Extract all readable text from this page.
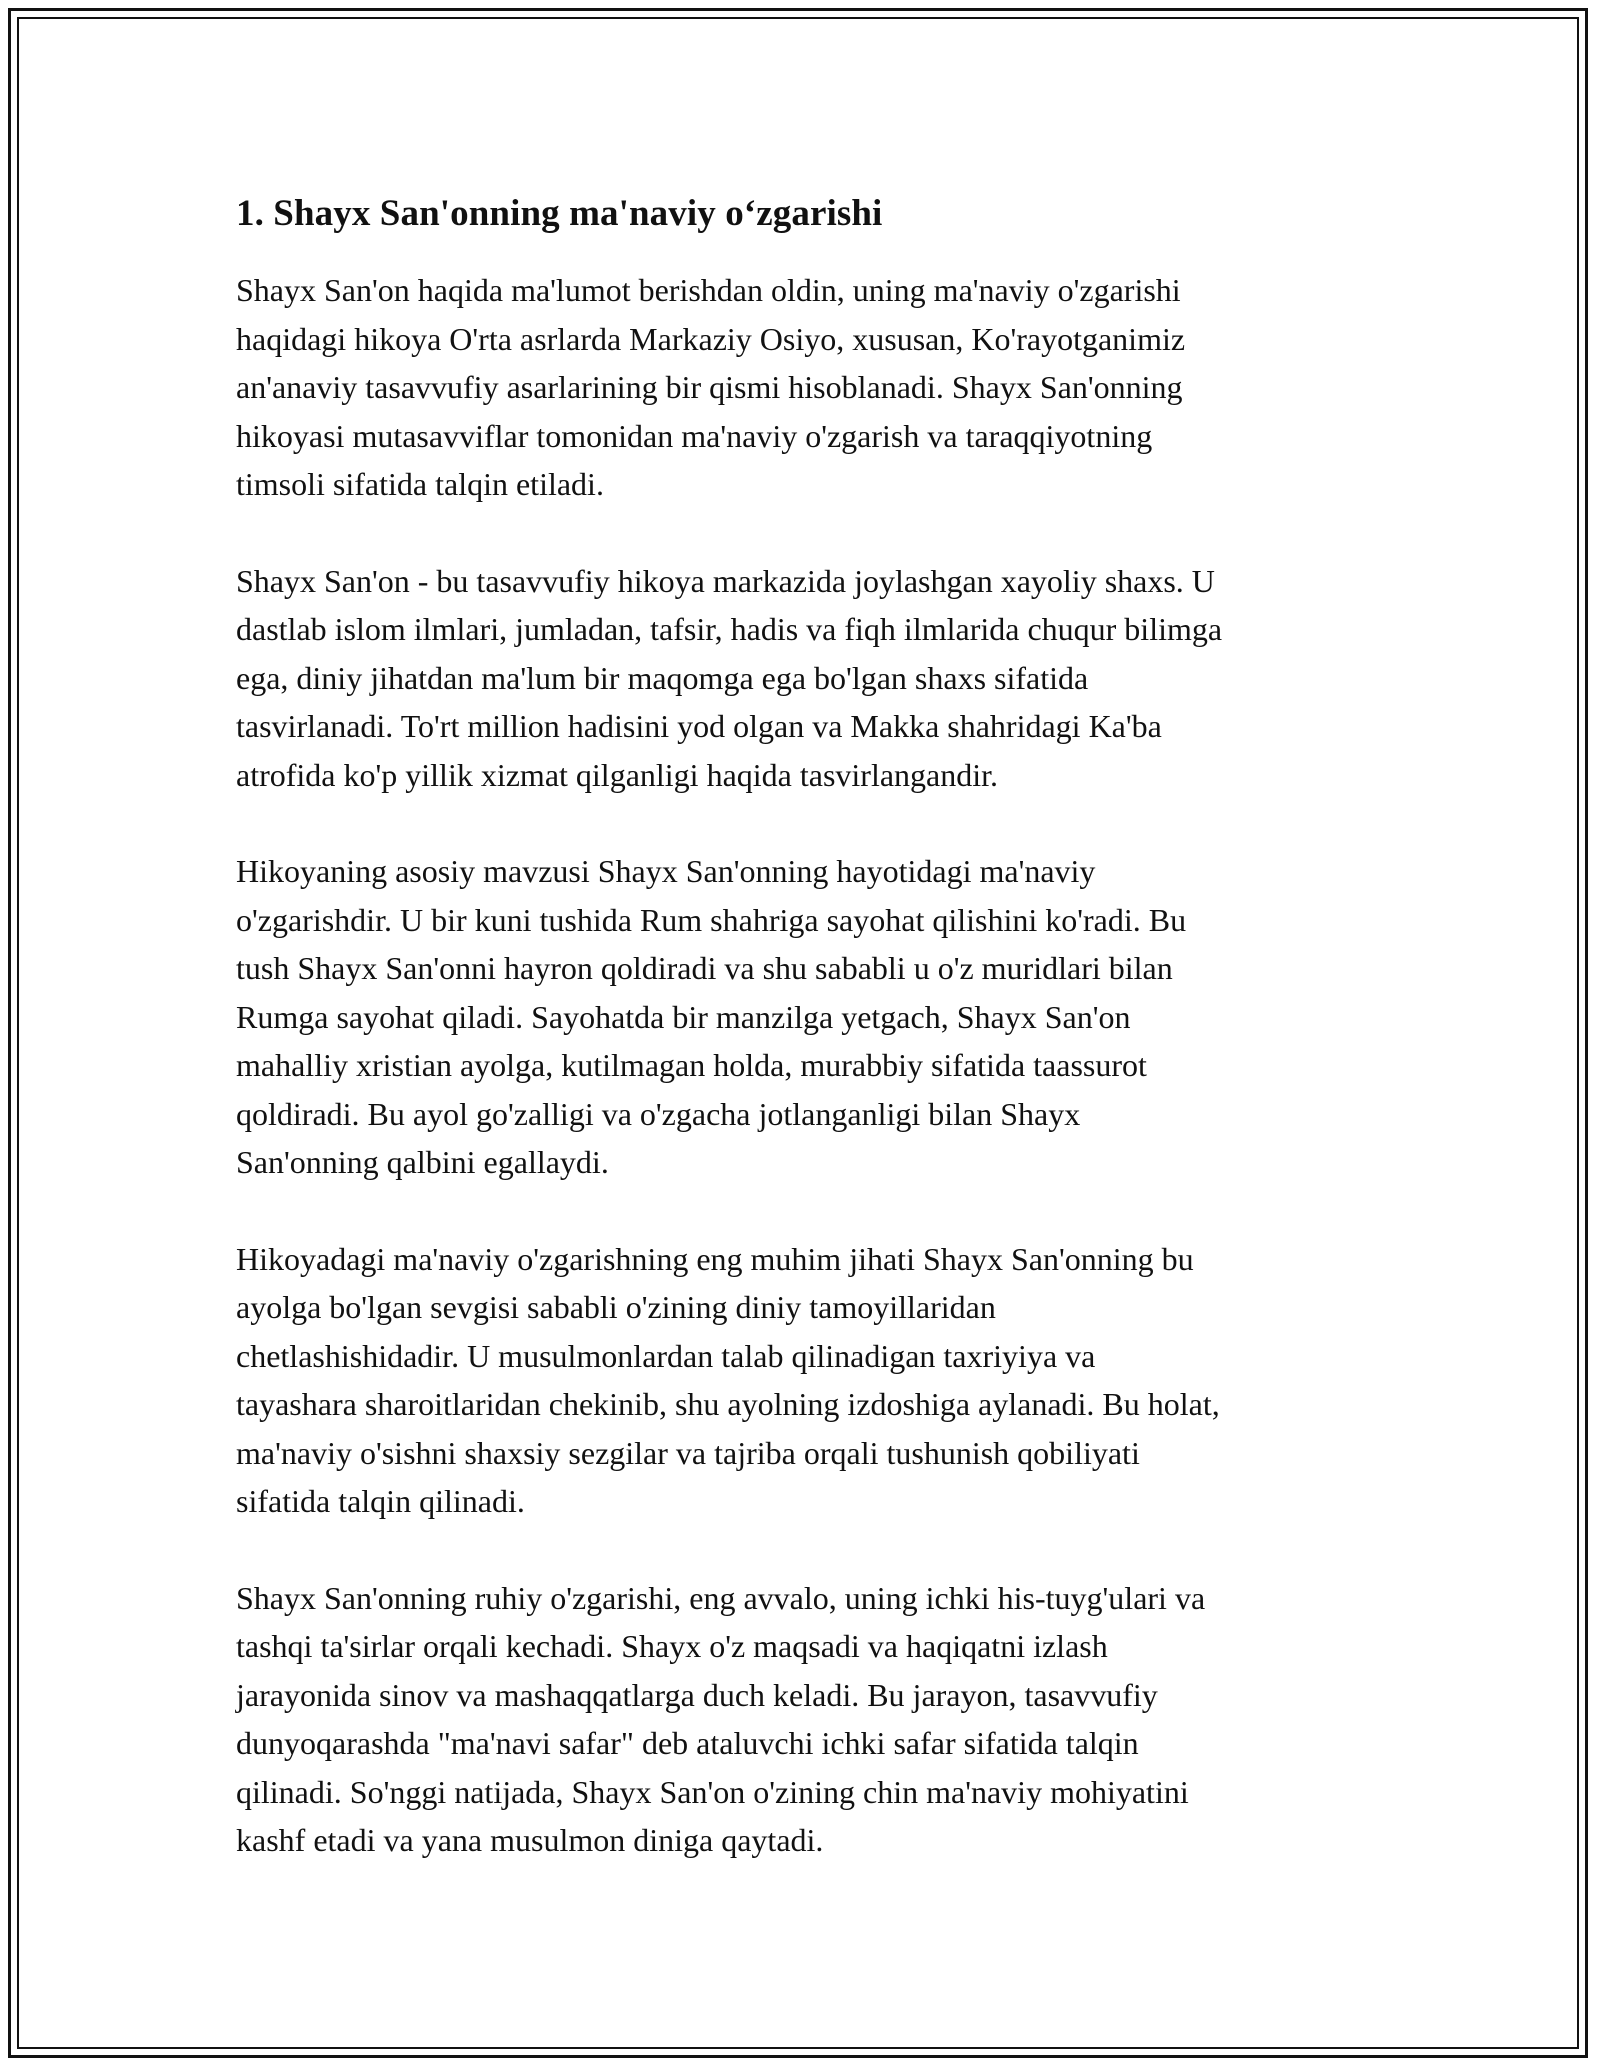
1. Shayx San'onning ma'naviy o‘zgarishi

Shayx San'on haqida ma'lumot berishdan oldin, uning ma'naviy o'zgarishi
haqidagi hikoya O'rta asrlarda Markaziy Osiyo, xususan, Ko'rayotganimiz
an'anaviy tasavvufiy asarlarining bir qismi hisoblanadi. Shayx San'onning
hikoyasi mutasavviflar tomonidan ma'naviy o'zgarish va taraqqiyotning
timsoli sifatida talqin etiladi.

Shayx San'on - bu tasavvufiy hikoya markazida joylashgan xayoliy shaxs. U
dastlab islom ilmlari, jumladan, tafsir, hadis va fiqh ilmlarida chuqur bilimga
ega, diniy jihatdan ma'lum bir maqomga ega bo'lgan shaxs sifatida
tasvirlanadi. To'rt million hadisini yod olgan va Makka shahridagi Ka'ba
atrofida ko'p yillik xizmat qilganligi haqida tasvirlangandir.

Hikoyaning asosiy mavzusi Shayx San'onning hayotidagi ma'naviy
o'zgarishdir. U bir kuni tushida Rum shahriga sayohat qilishini ko'radi. Bu
tush Shayx San'onni hayron qoldiradi va shu sababli u o'z muridlari bilan
Rumga sayohat qiladi. Sayohatda bir manzilga yetgach, Shayx San'on
mahalliy xristian ayolga, kutilmagan holda, murabbiy sifatida taassurot
qoldiradi. Bu ayol go'zalligi va o'zgacha jotlanganligi bilan Shayx
San'onning qalbini egallaydi.

Hikoyadagi ma'naviy o'zgarishning eng muhim jihati Shayx San'onning bu
ayolga bo'lgan sevgisi sababli o'zining diniy tamoyillaridan
chetlashishidadir. U musulmonlardan talab qilinadigan taxriyiya va
tayashara sharoitlaridan chekinib, shu ayolning izdoshiga aylanadi. Bu holat,
ma'naviy o'sishni shaxsiy sezgilar va tajriba orqali tushunish qobiliyati
sifatida talqin qilinadi.

Shayx San'onning ruhiy o'zgarishi, eng avvalo, uning ichki his-tuyg'ulari va
tashqi ta'sirlar orqali kechadi. Shayx o'z maqsadi va haqiqatni izlash
jarayonida sinov va mashaqqatlarga duch keladi. Bu jarayon, tasavvufiy
dunyoqarashda "ma'navi safar" deb ataluvchi ichki safar sifatida talqin
qilinadi. So'nggi natijada, Shayx San'on o'zining chin ma'naviy mohiyatini
kashf etadi va yana musulmon diniga qaytadi.
